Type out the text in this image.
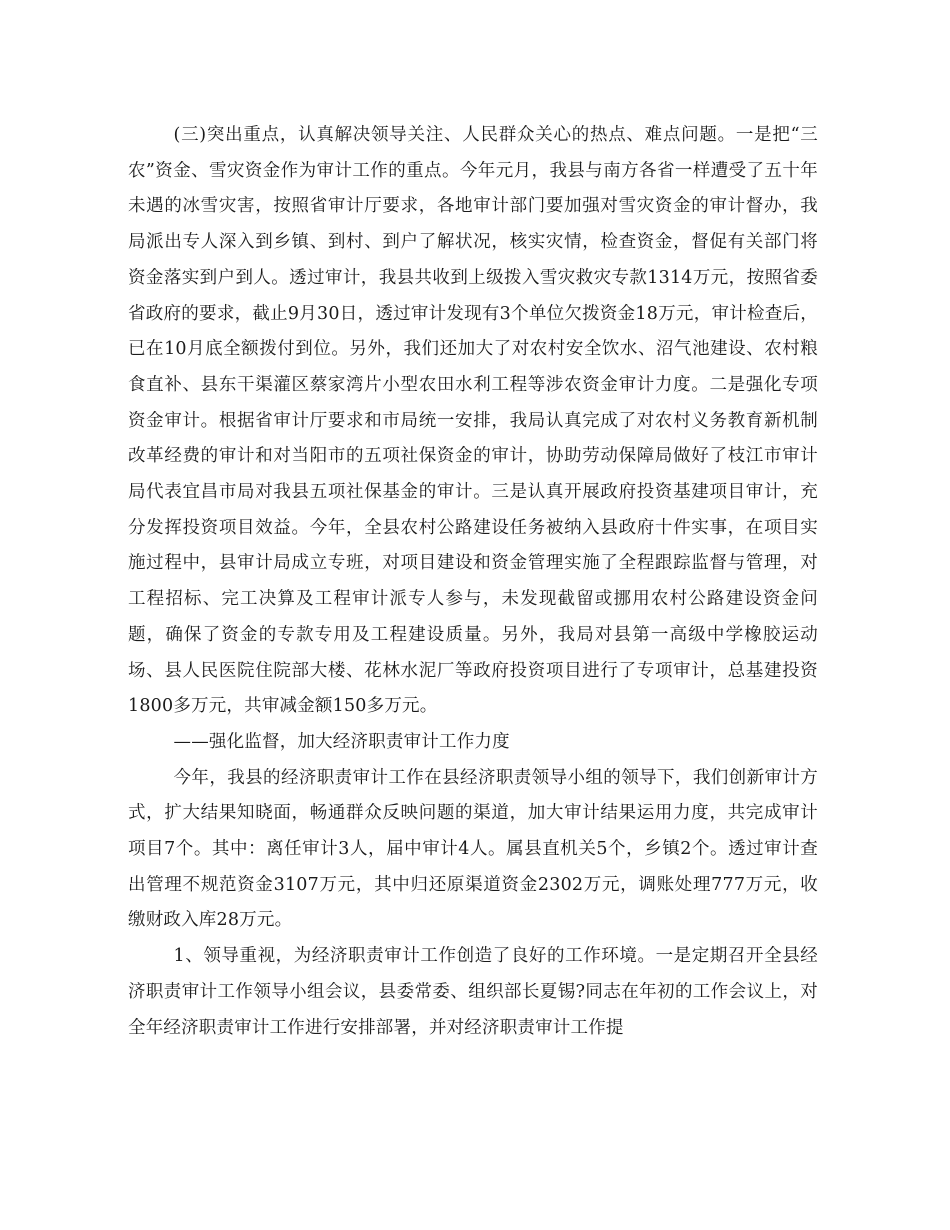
(三)突出重点，认真解决领导关注、人民群众关心的热点、难点问题。一是把“三农”资金、雪灾资金作为审计工作的重点。今年元月，我县与南方各省一样遭受了五十年未遇的冰雪灾害，按照省审计厅要求，各地审计部门要加强对雪灾资金的审计督办，我局派出专人深入到乡镇、到村、到户了解状况，核实灾情，检查资金，督促有关部门将资金落实到户到人。透过审计，我县共收到上级拨入雪灾救灾专款1314万元，按照省委省政府的要求，截止9月30日，透过审计发现有3个单位欠拨资金18万元，审计检查后，已在10月底全额拨付到位。另外，我们还加大了对农村安全饮水、沼气池建设、农村粮食直补、县东干渠灌区蔡家湾片小型农田水利工程等涉农资金审计力度。二是强化专项资金审计。根据省审计厅要求和市局统一安排，我局认真完成了对农村义务教育新机制改革经费的审计和对当阳市的五项社保资金的审计，协助劳动保障局做好了枝江市审计局代表宜昌市局对我县五项社保基金的审计。三是认真开展政府投资基建项目审计，充分发挥投资项目效益。今年，全县农村公路建设任务被纳入县政府十件实事，在项目实施过程中，县审计局成立专班，对项目建设和资金管理实施了全程跟踪监督与管理，对工程招标、完工决算及工程审计派专人参与，未发现截留或挪用农村公路建设资金问题，确保了资金的专款专用及工程建设质量。另外，我局对县第一高级中学橡胶运动场、县人民医院住院部大楼、花林水泥厂等政府投资项目进行了专项审计，总基建投资1800多万元，共审减金额150多万元。

——强化监督，加大经济职责审计工作力度

今年，我县的经济职责审计工作在县经济职责领导小组的领导下，我们创新审计方式，扩大结果知晓面，畅通群众反映问题的渠道，加大审计结果运用力度，共完成审计项目7个。其中：离任审计3人，届中审计4人。属县直机关5个，乡镇2个。透过审计查出管理不规范资金3107万元，其中归还原渠道资金2302万元，调账处理777万元，收缴财政入库28万元。

1、领导重视，为经济职责审计工作创造了良好的工作环境。一是定期召开全县经济职责审计工作领导小组会议，县委常委、组织部长夏锡?同志在年初的工作会议上，对全年经济职责审计工作进行安排部署，并对经济职责审计工作提
